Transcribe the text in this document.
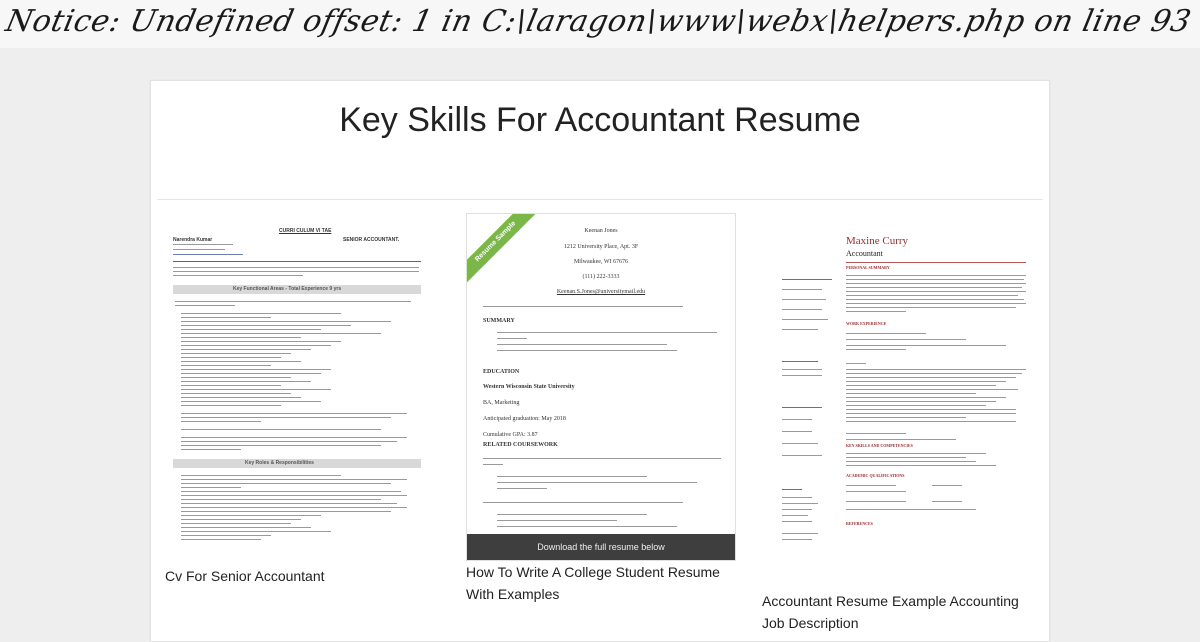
Notice: Undefined offset: 1 in C:\laragon\www\webx\helpers.php on line 93
Key Skills For Accountant Resume
CURRI CULUM VI TAE
Narendra Kumar	SENIOR ACCOUNTANT.
Key Functional Areas - Total Experience 9 yrs
Key Roles & Responsibilities
Cv For Senior Accountant
Resume Sample	Keenan Jones
1212 University Place, Apt. 3F
Milwaukee, WI 67676
(111) 222-3333
Keenan.S.Jones@universitymail.edu
SUMMARY
EDUCATION
Western Wisconsin State University
BA, Marketing
Anticipated graduation: May 2018
Cumulative GPA: 3.87
RELATED COURSEWORK
Download the full resume below
How To Write A College Student Resume With Examples
Maxine Curry
Accountant
PERSONAL SUMMARY
WORK EXPERIENCE
KEY SKILLS AND COMPETENCIES
ACADEMIC QUALIFICATIONS
REFERENCES
Accountant Resume Example Accounting Job Description
